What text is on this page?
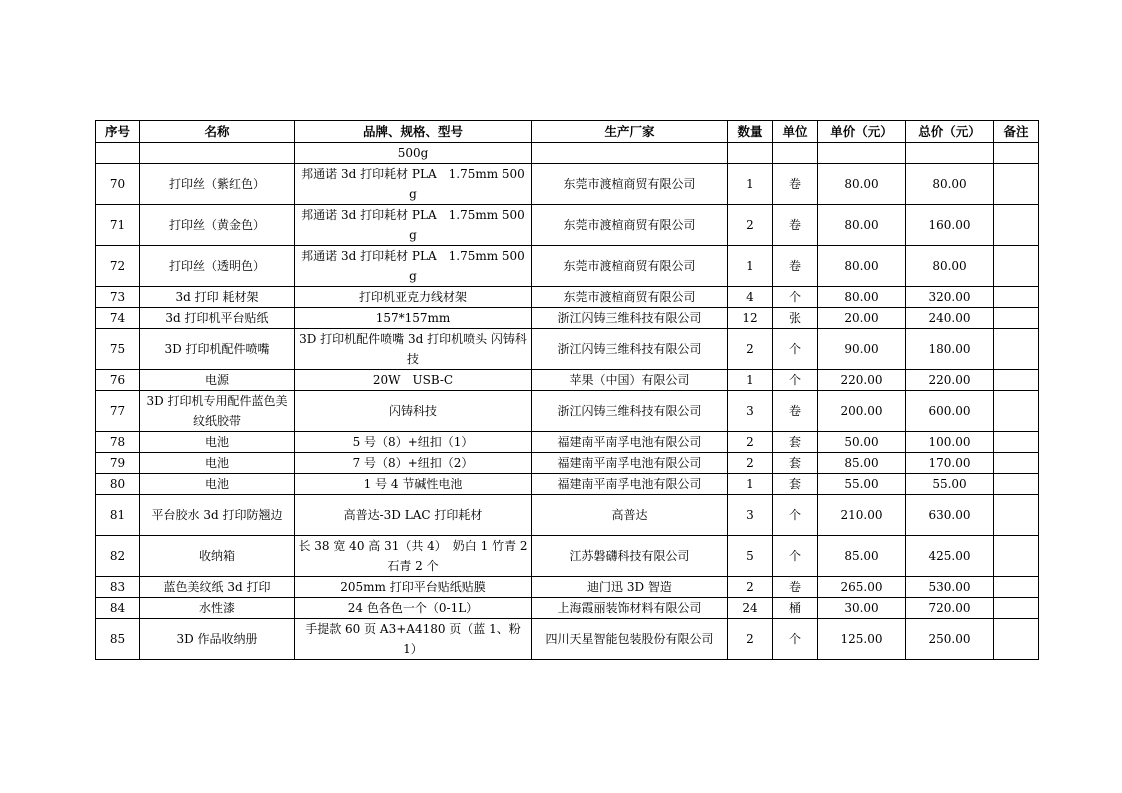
序号	名称	品牌、规格、型号	生产厂家	数量	单位	单价（元）	总价（元）	备注
		500g						
70	打印丝（紫红色）	邦通诺 3d 打印耗材 PLA　1.75mm 500g	东莞市渡楦商贸有限公司	1	卷	80.00	80.00	
71	打印丝（黄金色）	邦通诺 3d 打印耗材 PLA　1.75mm 500g	东莞市渡楦商贸有限公司	2	卷	80.00	160.00	
72	打印丝（透明色）	邦通诺 3d 打印耗材 PLA　1.75mm 500g	东莞市渡楦商贸有限公司	1	卷	80.00	80.00	
73	3d 打印 耗材架	打印机亚克力线材架	东莞市渡楦商贸有限公司	4	个	80.00	320.00	
74	3d 打印机平台贴纸	157*157mm	浙江闪铸三维科技有限公司	12	张	20.00	240.00	
75	3D 打印机配件喷嘴	3D 打印机配件喷嘴 3d 打印机喷头 闪铸科技	浙江闪铸三维科技有限公司	2	个	90.00	180.00	
76	电源	20W　USB-C	苹果（中国）有限公司	1	个	220.00	220.00	
77	3D 打印机专用配件蓝色美纹纸胶带	闪铸科技	浙江闪铸三维科技有限公司	3	卷	200.00	600.00	
78	电池	5 号（8）+纽扣（1）	福建南平南孚电池有限公司	2	套	50.00	100.00	
79	电池	7 号（8）+纽扣（2）	福建南平南孚电池有限公司	2	套	85.00	170.00	
80	电池	1 号 4 节碱性电池	福建南平南孚电池有限公司	1	套	55.00	55.00	
81	平台胶水 3d 打印防翘边	高普达-3D LAC 打印耗材	高普达	3	个	210.00	630.00	
82	收纳箱	长 38 宽 40 高 31（共 4）　奶白 1 竹青 2 石青 2 个	江苏磐礴科技有限公司	5	个	85.00	425.00	
83	蓝色美纹纸 3d 打印	205mm 打印平台贴纸贴膜	迪门迅 3D 智造	2	卷	265.00	530.00	
84	水性漆	24 色各色一个（0-1L）	上海霞丽装饰材料有限公司	24	桶	30.00	720.00	
85	3D 作品收纳册	手提款 60 页 A3+A4180 页（蓝 1、粉 1）	四川天星智能包装股份有限公司	2	个	125.00	250.00	
